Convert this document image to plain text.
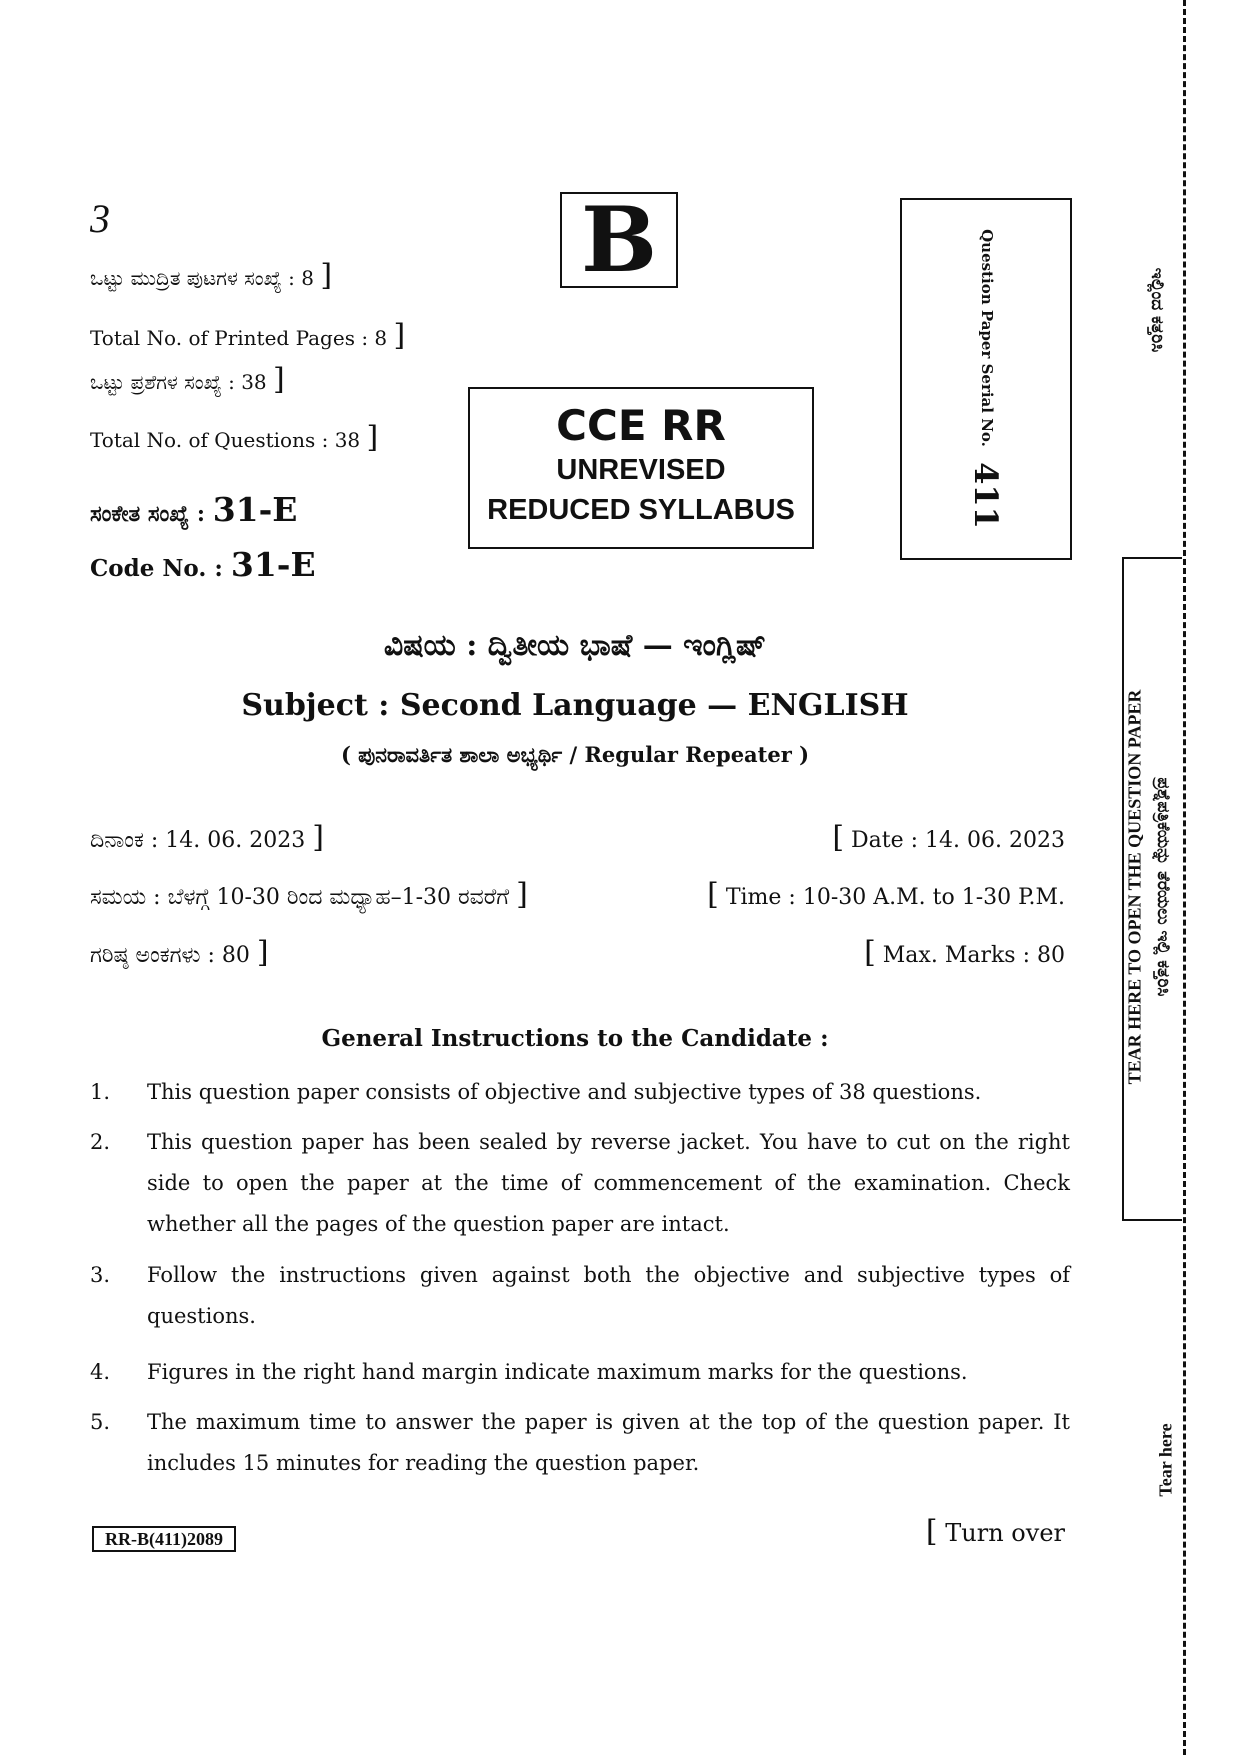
3
ಒಟ್ಟು ಮುದ್ರಿತ ಪುಟಗಳ ಸಂಖ್ಯೆ : 8 ]
Total No. of Printed Pages : 8 ]
ಒಟ್ಟು ಪ್ರಶೆಗಳ ಸಂಖ್ಯೆ : 38 ]
Total No. of Questions : 38 ]
ಸಂಕೇತ ಸಂಖ್ಯೆ : 31-E
Code No. : 31-E
B
CCE RR
UNREVISED
REDUCED SYLLABUS
Question Paper Serial No. 411
ವಿಷಯ : ದ್ವಿತೀಯ ಭಾಷೆ — ಇಂಗ್ಲಿಷ್
Subject : Second Language — ENGLISH
( ಪುನರಾವರ್ತಿತ ಶಾಲಾ ಅಭ್ಯರ್ಥಿ / Regular Repeater )
ದಿನಾಂಕ : 14. 06. 2023 ]	[ Date : 14. 06. 2023
ಸಮಯ : ಬೆಳಗ್ಗೆ 10-30 ರಿಂದ ಮಧ್ಯಾಹ–1-30 ರವರೆಗೆ ]	[ Time : 10-30 A.M. to 1-30 P.M.
ಗರಿಷ್ಠ ಅಂಕಗಳು : 80 ]	[ Max. Marks : 80
General Instructions to the Candidate :
1. This question paper consists of objective and subjective types of 38 questions.
2. This question paper has been sealed by reverse jacket. You have to cut on the right side to open the paper at the time of commencement of the examination. Check whether all the pages of the question paper are intact.
3. Follow the instructions given against both the objective and subjective types of questions.
4. Figures in the right hand margin indicate maximum marks for the questions.
5. The maximum time to answer the paper is given at the top of the question paper. It includes 15 minutes for reading the question paper.
RR-B(411)2089	[ Turn over
ಇಲ್ಲಿಂದ ಕತ್ತರಿಸಿ
TEAR HERE TO OPEN THE QUESTION PAPER ಪ್ರಶ್ನೆಪತ್ರಿಕೆಯನ್ನು ತೆರೆಯಲು ಇಲ್ಲಿ ಕತ್ತರಿಸಿ
Tear here
